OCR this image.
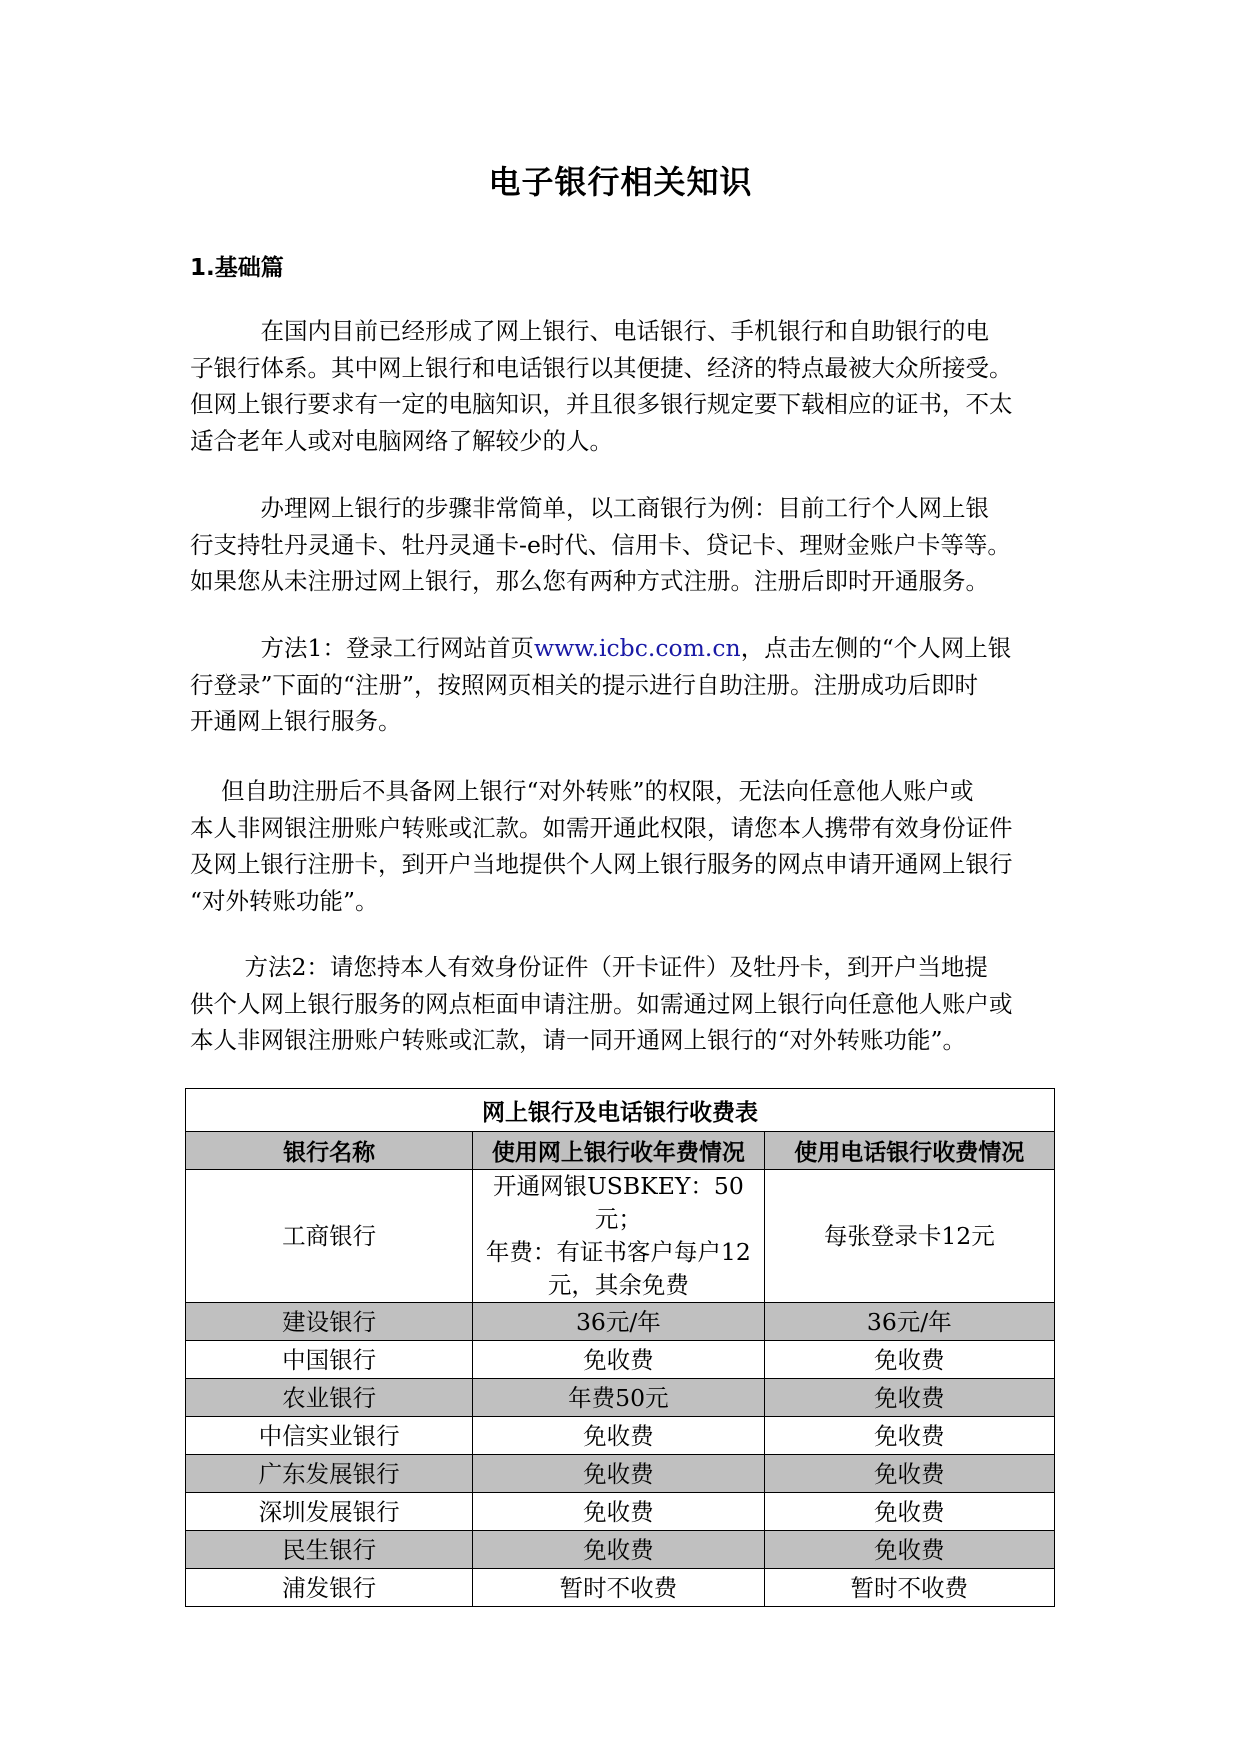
电子银行相关知识
1.基础篇

　　　在国内目前已经形成了网上银行、电话银行、手机银行和自助银行的电
子银行体系。其中网上银行和电话银行以其便捷、经济的特点最被大众所接受。
但网上银行要求有一定的电脑知识，并且很多银行规定要下载相应的证书，不太
适合老年人或对电脑网络了解较少的人。

　　　办理网上银行的步骤非常简单，以工商银行为例：目前工行个人网上银
行支持牡丹灵通卡、牡丹灵通卡-e时代、信用卡、贷记卡、理财金账户卡等等。
如果您从未注册过网上银行，那么您有两种方式注册。注册后即时开通服务。

　　　方法1：登录工行网站首页www.icbc.com.cn，点击左侧的“个人网上银
行登录”下面的“注册”，按照网页相关的提示进行自助注册。注册成功后即时
开通网上银行服务。

　 但自助注册后不具备网上银行“对外转账”的权限，无法向任意他人账户或
本人非网银注册账户转账或汇款。如需开通此权限，请您本人携带有效身份证件
及网上银行注册卡，到开户当地提供个人网上银行服务的网点申请开通网上银行
“对外转账功能”。

　　 方法2：请您持本人有效身份证件（开卡证件）及牡丹卡，到开户当地提
供个人网上银行服务的网点柜面申请注册。如需通过网上银行向任意他人账户或
本人非网银注册账户转账或汇款，请一同开通网上银行的“对外转账功能”。

网上银行及电话银行收费表		
银行名称	使用网上银行收年费情况	使用电话银行收费情况
工商银行	开通网银USBKEY：50元；
年费：有证书客户每户12
元，其余免费	每张登录卡12元
建设银行	36元/年	36元/年
中国银行	免收费	免收费
农业银行	年费50元	免收费
中信实业银行	免收费	免收费
广东发展银行	免收费	免收费
深圳发展银行	免收费	免收费
民生银行	免收费	免收费
浦发银行	暂时不收费	暂时不收费
